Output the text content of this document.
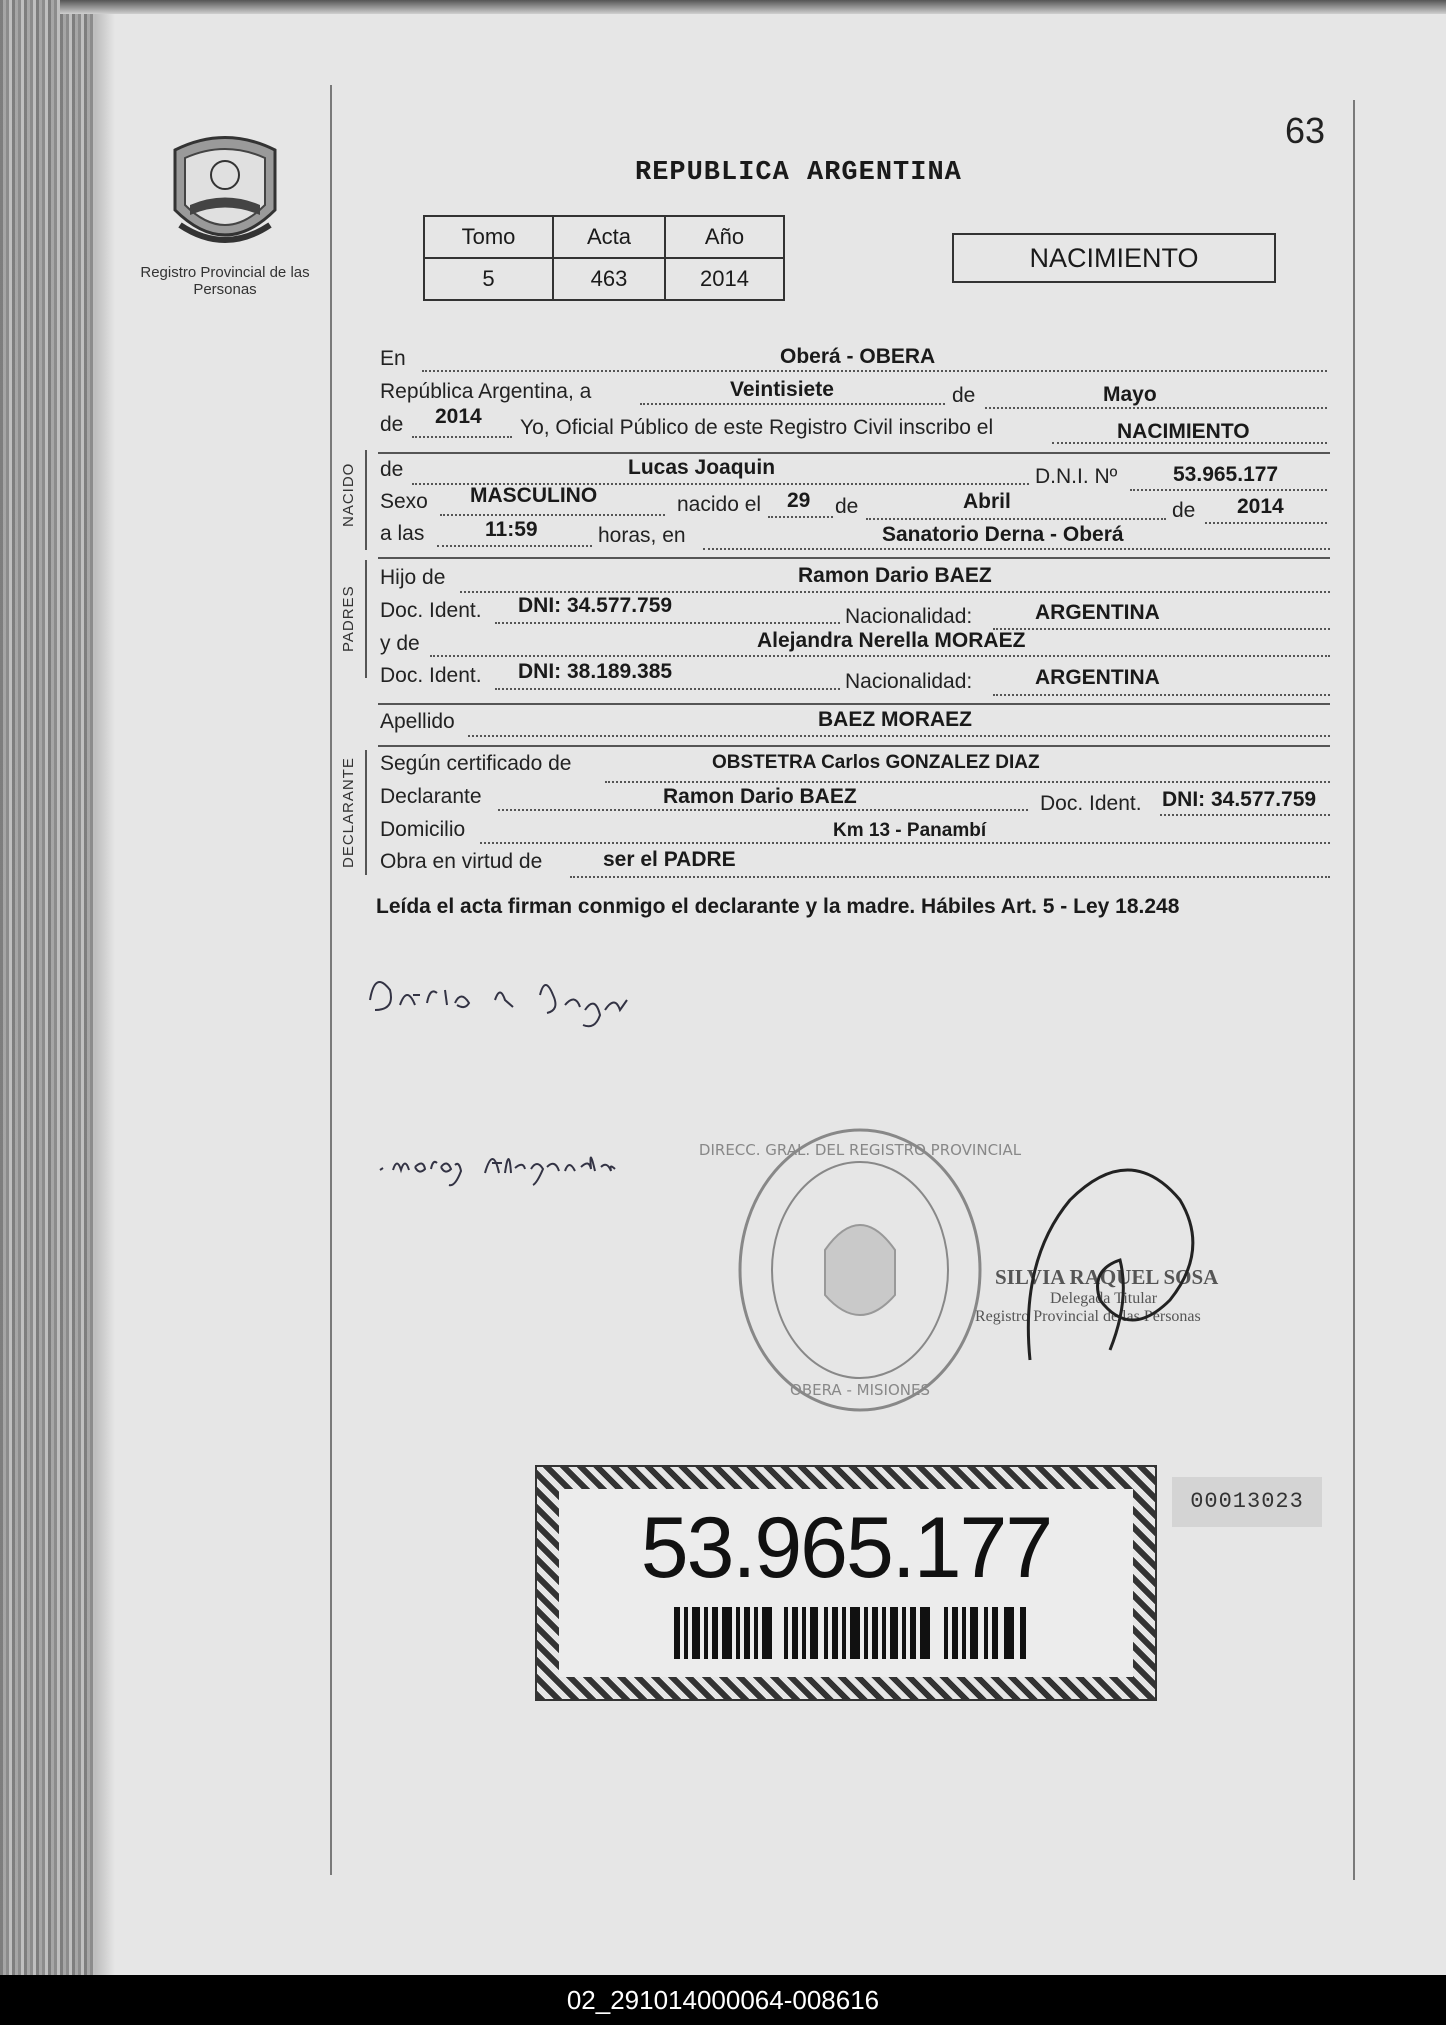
Registro Provincial de las Personas
63
REPUBLICA ARGENTINA
Tomo	Acta	Año
5	463	2014
NACIMIENTO
En	Oberá - OBERA
República Argentina, a	Veintisiete	de	Mayo
de 2014 Yo, Oficial Público de este Registro Civil inscribo el	NACIMIENTO
NACIDO de	Lucas Joaquin	D.N.I. Nº	53.965.177
Sexo MASCULINO	nacido el 29 de	Abril	de 2014
a las	11:59	horas, en	Sanatorio Derna - Oberá
PADRES
Hijo de	Ramon Dario BAEZ
Doc. Ident. DNI: 34.577.759	Nacionalidad:	ARGENTINA
y de	Alejandra Nerella MORAEZ
Doc. Ident. DNI: 38.189.385	Nacionalidad:	ARGENTINA
Apellido	BAEZ MORAEZ
DECLARANTE Según certificado de	OBSTETRA Carlos GONZALEZ DIAZ
Declarante	Ramon Dario BAEZ	Doc. Ident. DNI: 34.577.759
Domicilio	Km 13 - Panambí
Obra en virtud de	ser el PADRE
Leída el acta firman conmigo el declarante y la madre. Hábiles Art. 5 - Ley 18.248
DIRECC. GRAL. DEL REGISTRO PROVINCIAL
OBERA - MISIONES
SILVIA RAQUEL SOSA
Delegada Titular
Registro Provincial de las Personas
53.965.177	00013023
02_291014000064-008616
